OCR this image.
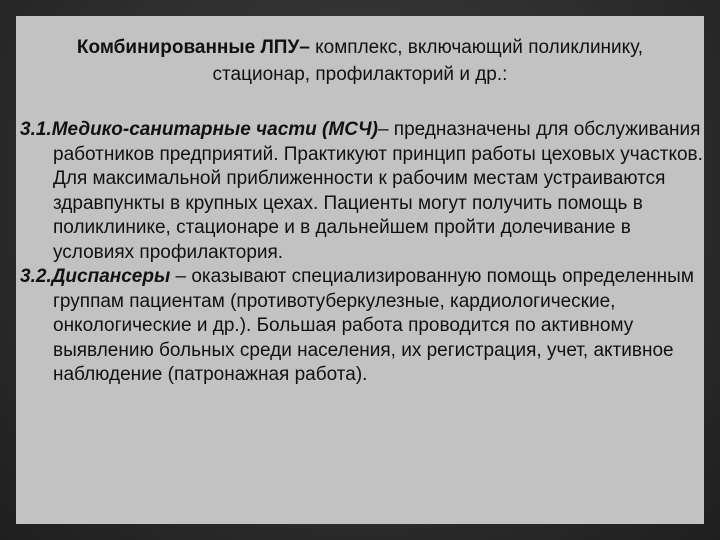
Комбинированные ЛПУ– комплекс, включающий поликлинику, стационар, профилакторий и др.:

3.1.Медико-санитарные части (МСЧ)– предназначены для обслуживания работников предприятий. Практикуют принцип работы цеховых участков. Для максимальной приближенности к рабочим местам устраиваются здравпункты в крупных цехах. Пациенты могут получить помощь в поликлинике, стационаре и в дальнейшем пройти долечивание в условиях профилактория.

3.2.Диспансеры – оказывают специализированную помощь определенным группам пациентам (противотуберкулезные, кардиологические, онкологические и др.). Большая работа проводится по активному выявлению больных среди населения, их регистрация, учет, активное наблюдение (патронажная работа).
